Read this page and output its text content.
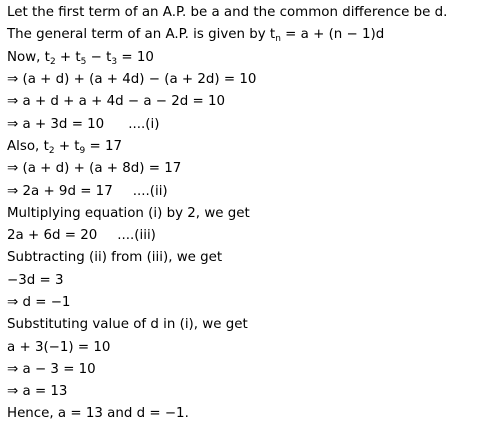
Let the first term of an A.P. be a and the common difference be d.
The general term of an A.P. is given by $t_n = a + (n - 1)d$
Now, $t_2 + t_5 - t_3 = 10$
⇒ (a + d) + (a + 4d) − (a + 2d) = 10
⇒ a + d + a + 4d − a − 2d = 10
⇒ a + 3d = 10 ....(i)
Also, $t_2 + t_9 = 17$
⇒ (a + d) + (a + 8d) = 17
⇒ 2a + 9d = 17 ....(ii)
Multiplying equation (i) by 2, we get
2a + 6d = 20 ....(iii)
Subtracting (ii) from (iii), we get
−3d = 3
⇒ d = −1
Substituting value of d in (i), we get
a + 3(−1) = 10
⇒ a − 3 = 10
⇒ a = 13
Hence, a = 13 and d = −1.
